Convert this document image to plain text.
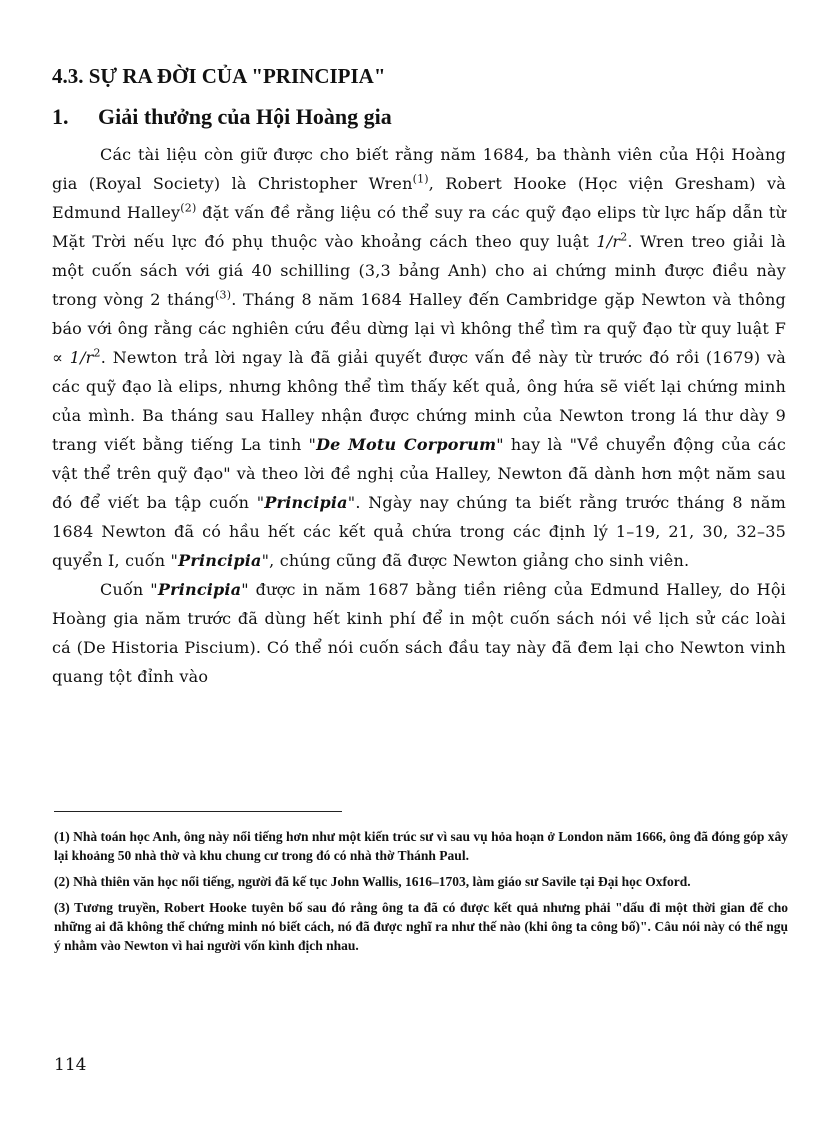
4.3. SỰ RA ĐỜI CỦA "PRINCIPIA"
1. Giải thưởng của Hội Hoàng gia

Các tài liệu còn giữ được cho biết rằng năm 1684, ba thành viên của Hội Hoàng gia (Royal Society) là Christopher Wren$^{(1)}$, Robert Hooke (Học viện Gresham) và Edmund Halley$^{(2)}$ đặt vấn đề rằng liệu có thể suy ra các quỹ đạo elips từ lực hấp dẫn từ Mặt Trời nếu lực đó phụ thuộc vào khoảng cách theo quy luật $1/r^2$. Wren treo giải là một cuốn sách với giá 40 schilling (3,3 bảng Anh) cho ai chứng minh được điều này trong vòng 2 tháng$^{(3)}$. Tháng 8 năm 1684 Halley đến Cambridge gặp Newton và thông báo với ông rằng các nghiên cứu đều dừng lại vì không thể tìm ra quỹ đạo từ quy luật $F \propto 1/r^2$. Newton trả lời ngay là đã giải quyết được vấn đề này từ trước đó rồi (1679) và các quỹ đạo là elips, nhưng không thể tìm thấy kết quả, ông hứa sẽ viết lại chứng minh của mình. Ba tháng sau Halley nhận được chứng minh của Newton trong lá thư dày 9 trang viết bằng tiếng La tinh "De Motu Corporum" hay là "Về chuyển động của các vật thể trên quỹ đạo" và theo lời đề nghị của Halley, Newton đã dành hơn một năm sau đó để viết ba tập cuốn "Principia". Ngày nay chúng ta biết rằng trước tháng 8 năm 1684 Newton đã có hầu hết các kết quả chứa trong các định lý 1–19, 21, 30, 32–35 quyển I, cuốn "Principia", chúng cũng đã được Newton giảng cho sinh viên.

Cuốn "Principia" được in năm 1687 bằng tiền riêng của Edmund Halley, do Hội Hoàng gia năm trước đã dùng hết kinh phí để in một cuốn sách nói về lịch sử các loài cá (De Historia Piscium). Có thể nói cuốn sách đầu tay này đã đem lại cho Newton vinh quang tột đỉnh vào

(1) Nhà toán học Anh, ông này nổi tiếng hơn như một kiến trúc sư vì sau vụ hỏa hoạn ở London năm 1666, ông đã đóng góp xây lại khoảng 50 nhà thờ và khu chung cư trong đó có nhà thờ Thánh Paul.

(2) Nhà thiên văn học nổi tiếng, người đã kế tục John Wallis, 1616–1703, làm giáo sư Savile tại Đại học Oxford.

(3) Tương truyền, Robert Hooke tuyên bố sau đó rằng ông ta đã có được kết quả nhưng phải "dấu đi một thời gian để cho những ai đã không thể chứng minh nó biết cách, nó đã được nghĩ ra như thế nào (khi ông ta công bố)". Câu nói này có thể ngụ ý nhằm vào Newton vì hai người vốn kình địch nhau.

114
